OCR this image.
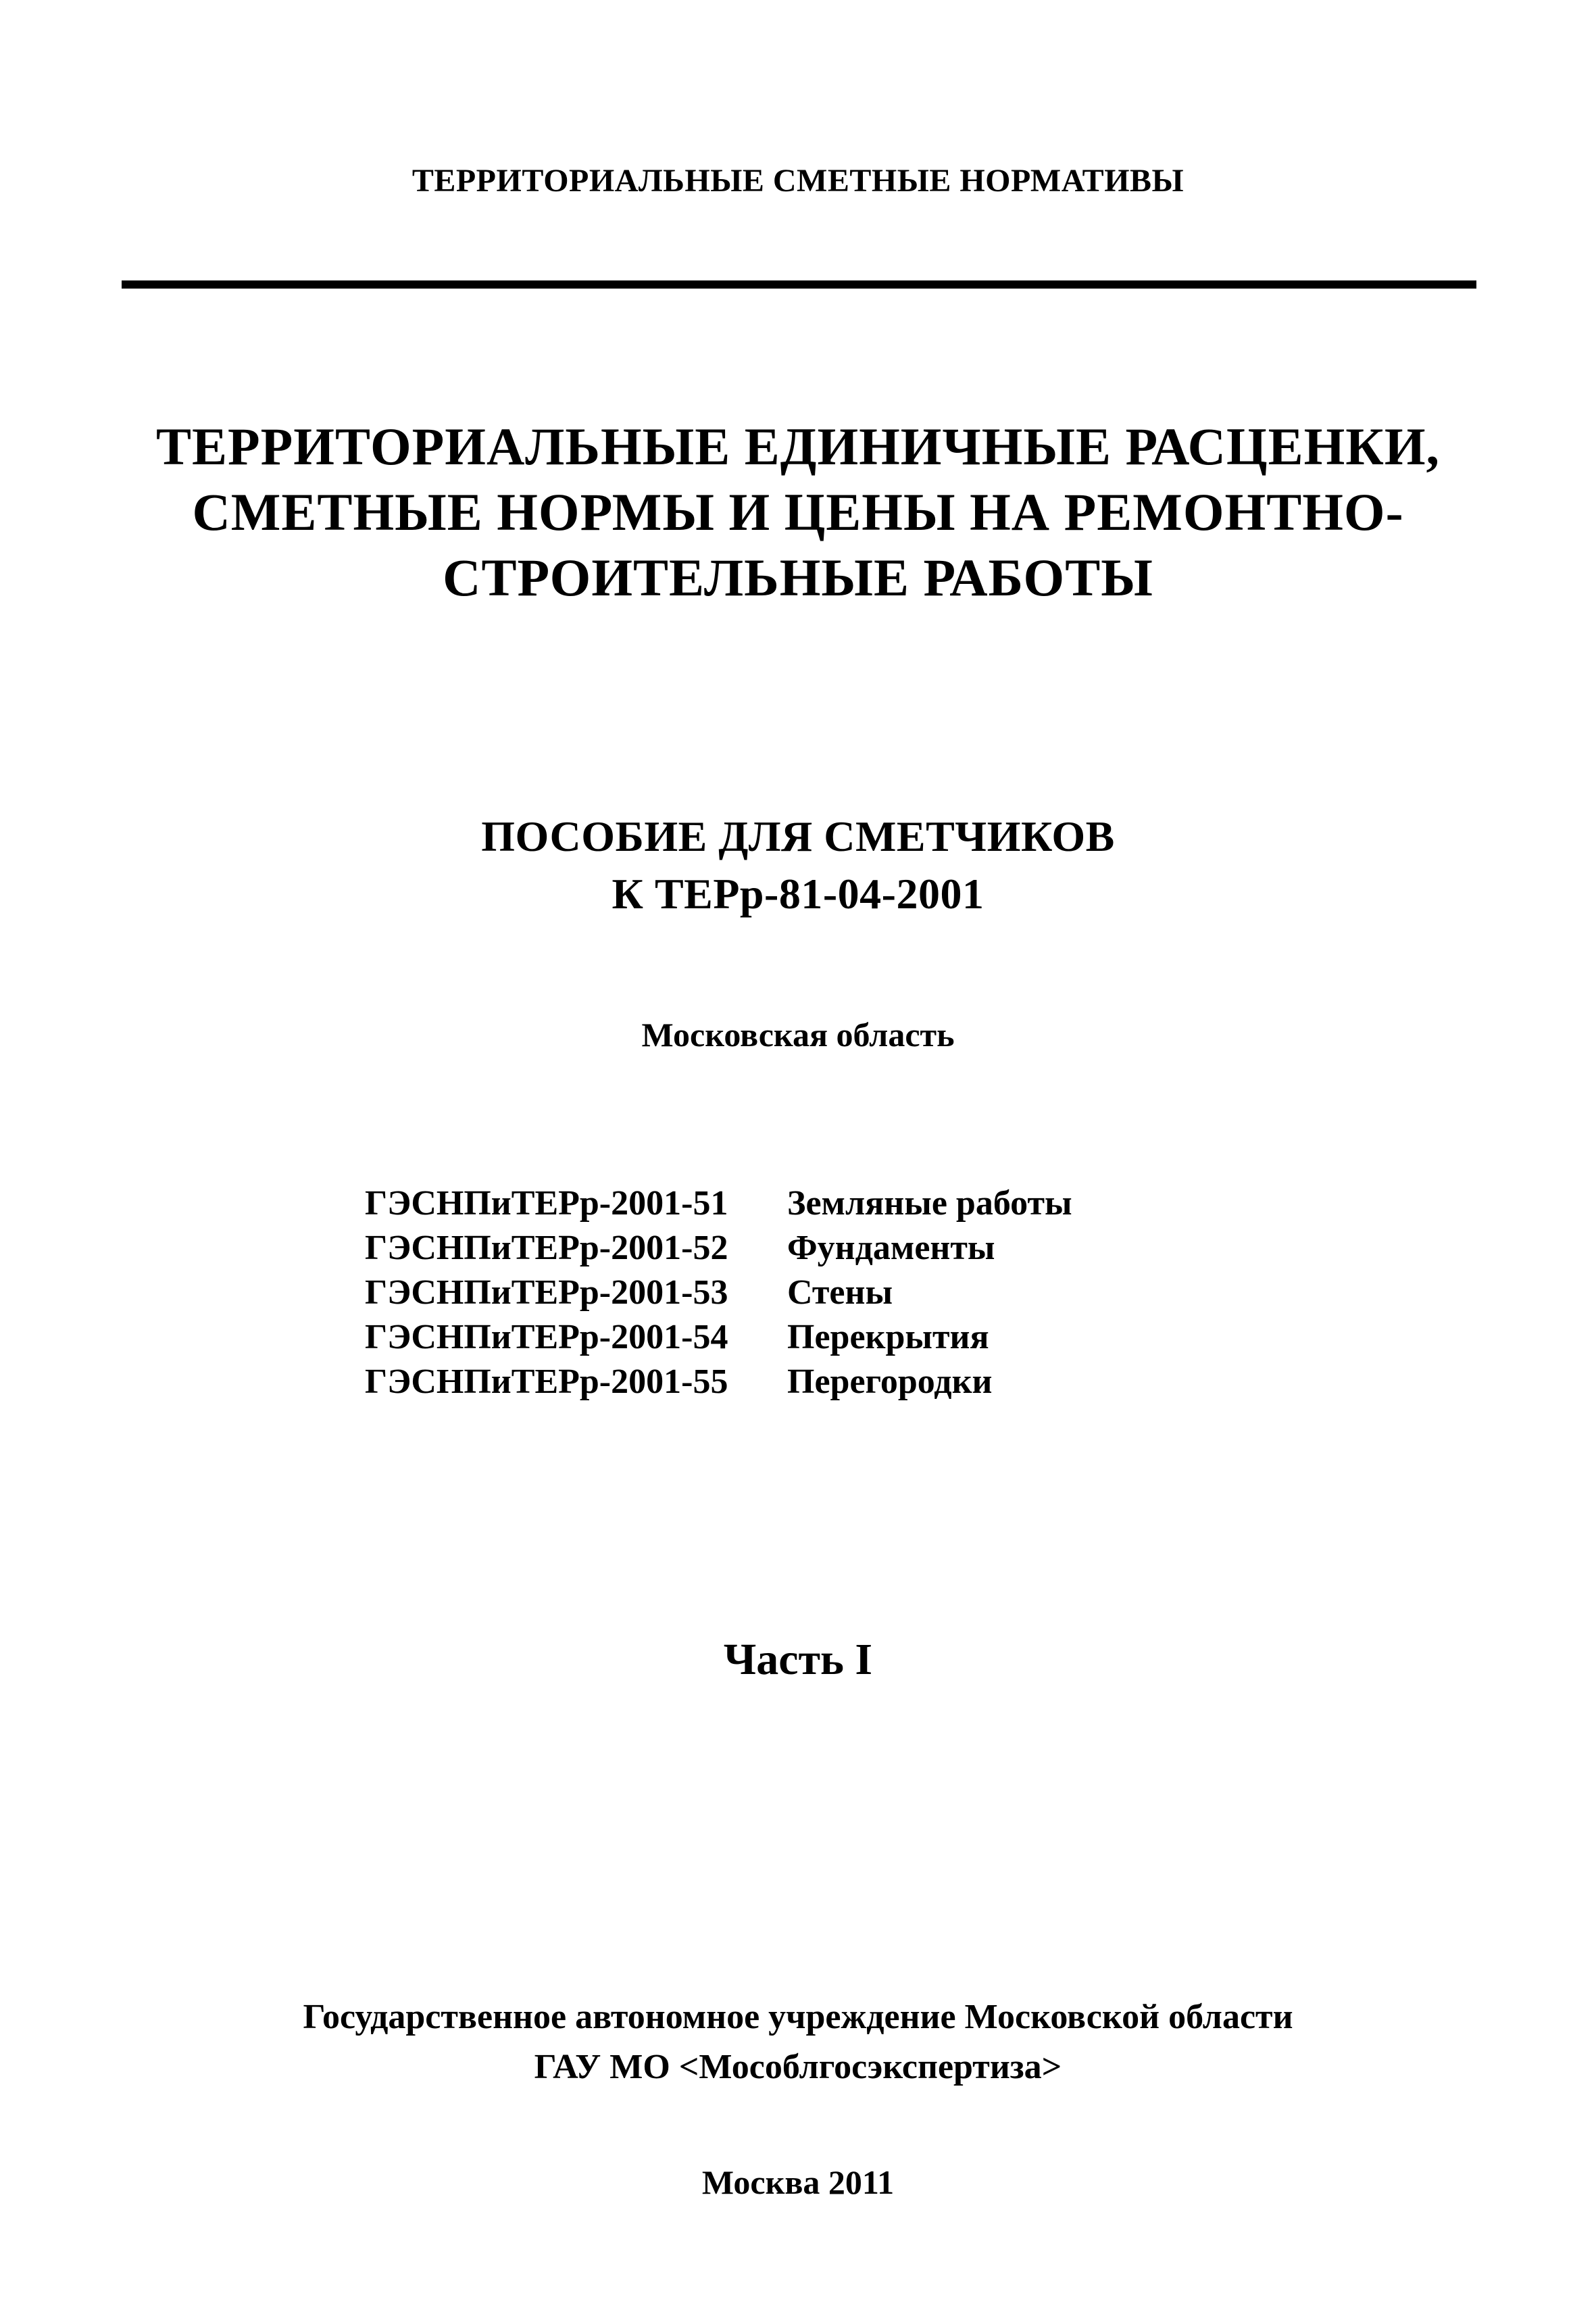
ТЕРРИТОРИАЛЬНЫЕ СМЕТНЫЕ НОРМАТИВЫ
ТЕРРИТОРИАЛЬНЫЕ ЕДИНИЧНЫЕ РАСЦЕНКИ,
СМЕТНЫЕ НОРМЫ И ЦЕНЫ НА РЕМОНТНО-
СТРОИТЕЛЬНЫЕ РАБОТЫ
ПОСОБИЕ ДЛЯ СМЕТЧИКОВ
К ТЕРр-81-04-2001
Московская область
ГЭСНПиТЕРр-2001-51	Земляные работы
ГЭСНПиТЕРр-2001-52	Фундаменты
ГЭСНПиТЕРр-2001-53	Стены
ГЭСНПиТЕРр-2001-54	Перекрытия
ГЭСНПиТЕРр-2001-55	Перегородки
Часть I
Государственное автономное учреждение Московской области
ГАУ МО <Мособлгосэкспертиза>
Москва 2011
